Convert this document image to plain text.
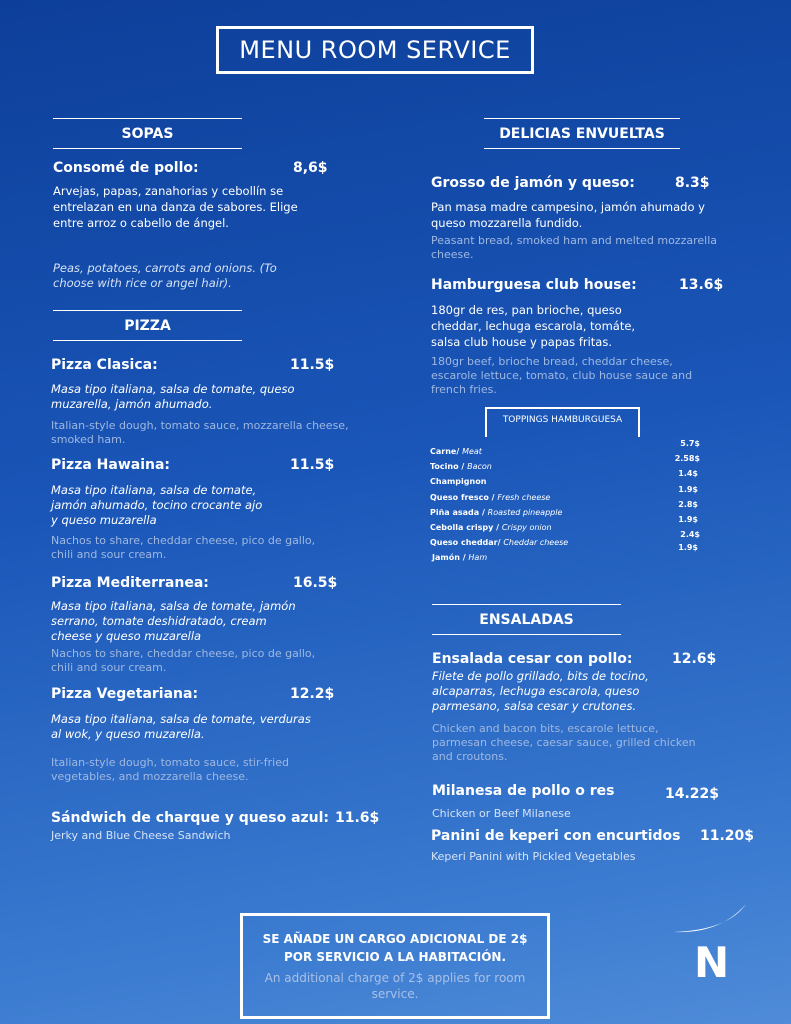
MENU ROOM SERVICE
SOPAS
Consomé de pollo:	8,6$
Arvejas, papas, zanahorias y cebollín se entrelazan en una danza de sabores. Elige entre arroz o cabello de ángel.
Peas, potatoes, carrots and onions. (To choose with rice or angel hair).
PIZZA
Pizza Clasica:	11.5$
Masa tipo italiana, salsa de tomate, queso muzarella, jamón ahumado.
Italian-style dough, tomato sauce, mozzarella cheese, smoked ham.
Pizza Hawaina:	11.5$
Masa tipo italiana, salsa de tomate, jamón ahumado, tocino crocante ajo y queso muzarella
Nachos to share, cheddar cheese, pico de gallo, chili and sour cream.
Pizza Mediterranea:	16.5$
Masa tipo italiana, salsa de tomate, jamón serrano, tomate deshidratado, cream cheese y queso muzarella
Nachos to share, cheddar cheese, pico de gallo, chili and sour cream.
Pizza Vegetariana:	12.2$
Masa tipo italiana, salsa de tomate, verduras al wok, y queso muzarella.
Italian-style dough, tomato sauce, stir-fried vegetables, and mozzarella cheese.
Sándwich de charque y queso azul: 11.6$
Jerky and Blue Cheese Sandwich
DELICIAS ENVUELTAS
Grosso de jamón y queso:	8.3$
Pan masa madre campesino, jamón ahumado y queso mozzarella fundido.
Peasant bread, smoked ham and melted mozzarella cheese.
Hamburguesa club house:	13.6$
180gr de res, pan brioche, queso cheddar, lechuga escarola, tomáte, salsa club house y papas fritas.
180gr beef, brioche bread, cheddar cheese, escarole lettuce, tomato, club house sauce and french fries.
TOPPINGS HAMBURGUESA
Carne/ Meat
5.7$
Tocino / Bacon
2.58$
Champignon
1.4$
Queso fresco / Fresh cheese
1.9$
Piña asada / Roasted pineapple
2.8$
Cebolla crispy / Crispy onion
1.9$
Queso cheddar/ Cheddar cheese
2.4$
Jamón / Ham
1.9$
ENSALADAS
Ensalada cesar con pollo:	12.6$
Filete de pollo grillado, bits de tocino, alcaparras, lechuga escarola, queso parmesano, salsa cesar y crutones.
Chicken and bacon bits, escarole lettuce, parmesan cheese, caesar sauce, grilled chicken and croutons.
Milanesa de pollo o res	14.22$
Chicken or Beef Milanese
Panini de keperi con encurtidos 11.20$
Keperi Panini with Pickled Vegetables
SE AÑADE UN CARGO ADICIONAL DE 2$ POR SERVICIO A LA HABITACIÓN.
An additional charge of 2$ applies for room service.
N
